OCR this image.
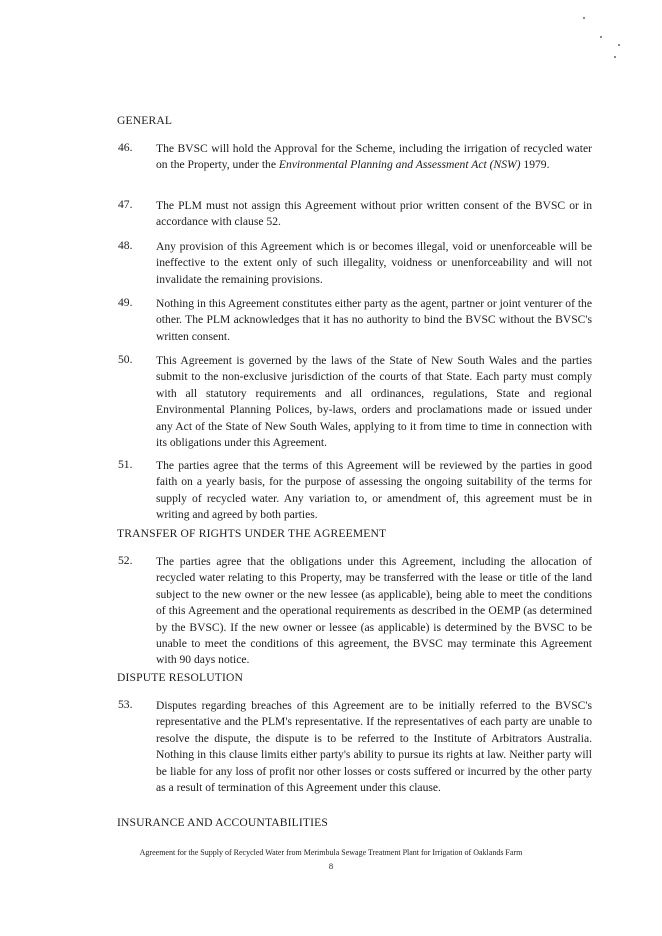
GENERAL
46. The BVSC will hold the Approval for the Scheme, including the irrigation of recycled water on the Property, under the Environmental Planning and Assessment Act (NSW) 1979.
47. The PLM must not assign this Agreement without prior written consent of the BVSC or in accordance with clause 52.
48. Any provision of this Agreement which is or becomes illegal, void or unenforceable will be ineffective to the extent only of such illegality, voidness or unenforceability and will not invalidate the remaining provisions.
49. Nothing in this Agreement constitutes either party as the agent, partner or joint venturer of the other. The PLM acknowledges that it has no authority to bind the BVSC without the BVSC's written consent.
50. This Agreement is governed by the laws of the State of New South Wales and the parties submit to the non-exclusive jurisdiction of the courts of that State. Each party must comply with all statutory requirements and all ordinances, regulations, State and regional Environmental Planning Polices, by-laws, orders and proclamations made or issued under any Act of the State of New South Wales, applying to it from time to time in connection with its obligations under this Agreement.
51. The parties agree that the terms of this Agreement will be reviewed by the parties in good faith on a yearly basis, for the purpose of assessing the ongoing suitability of the terms for supply of recycled water. Any variation to, or amendment of, this agreement must be in writing and agreed by both parties.
TRANSFER OF RIGHTS UNDER THE AGREEMENT
52. The parties agree that the obligations under this Agreement, including the allocation of recycled water relating to this Property, may be transferred with the lease or title of the land subject to the new owner or the new lessee (as applicable), being able to meet the conditions of this Agreement and the operational requirements as described in the OEMP (as determined by the BVSC). If the new owner or lessee (as applicable) is determined by the BVSC to be unable to meet the conditions of this agreement, the BVSC may terminate this Agreement with 90 days notice.
DISPUTE RESOLUTION
53. Disputes regarding breaches of this Agreement are to be initially referred to the BVSC's representative and the PLM's representative. If the representatives of each party are unable to resolve the dispute, the dispute is to be referred to the Institute of Arbitrators Australia. Nothing in this clause limits either party's ability to pursue its rights at law. Neither party will be liable for any loss of profit nor other losses or costs suffered or incurred by the other party as a result of termination of this Agreement under this clause.
INSURANCE AND ACCOUNTABILITIES
Agreement for the Supply of Recycled Water from Merimbula Sewage Treatment Plant for Irrigation of Oaklands Farm
8
